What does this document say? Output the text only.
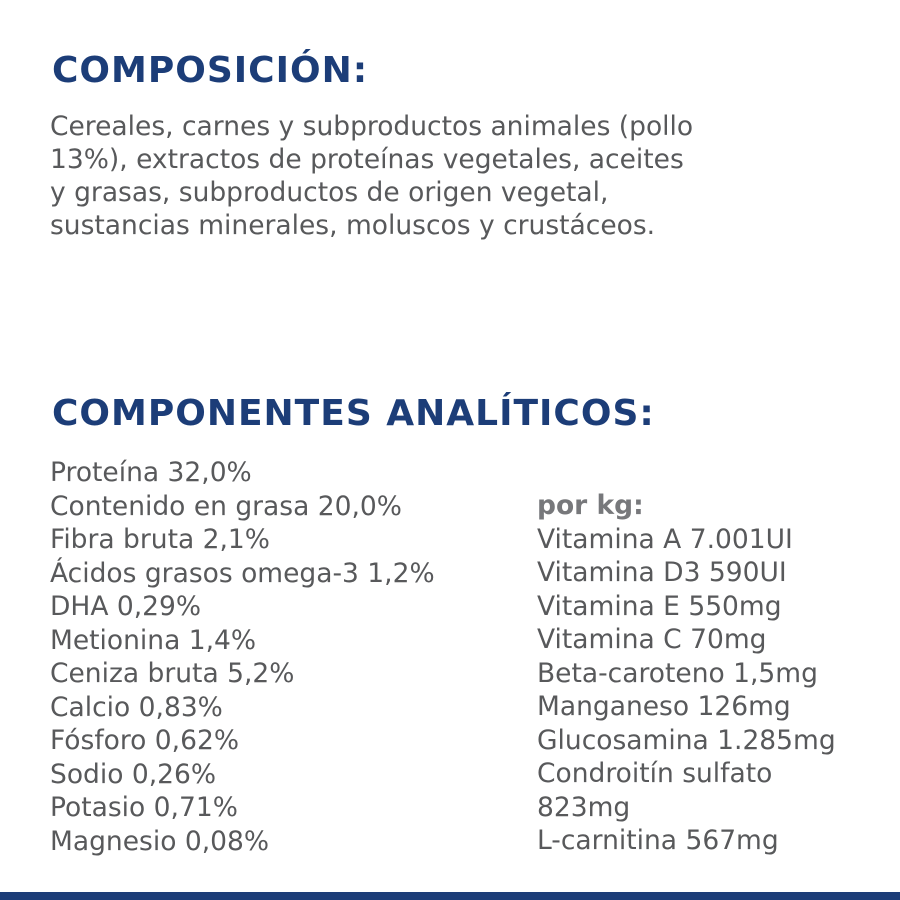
COMPOSICIÓN:

Cereales, carnes y subproductos animales (pollo
13%), extractos de proteínas vegetales, aceites
y grasas, subproductos de origen vegetal,
sustancias minerales, moluscos y crustáceos.

COMPONENTES ANALÍTICOS:
Proteína 32,0%
Contenido en grasa 20,0%
Fibra bruta 2,1%
Ácidos grasos omega-3 1,2%
DHA 0,29%
Metionina 1,4%
Ceniza bruta 5,2%
Calcio 0,83%
Fósforo 0,62%
Sodio 0,26%
Potasio 0,71%
Magnesio 0,08%
por kg:
Vitamina A 7.001UI
Vitamina D3 590UI
Vitamina E 550mg
Vitamina C 70mg
Beta-caroteno 1,5mg
Manganeso 126mg
Glucosamina 1.285mg
Condroitín sulfato
823mg
L-carnitina 567mg
